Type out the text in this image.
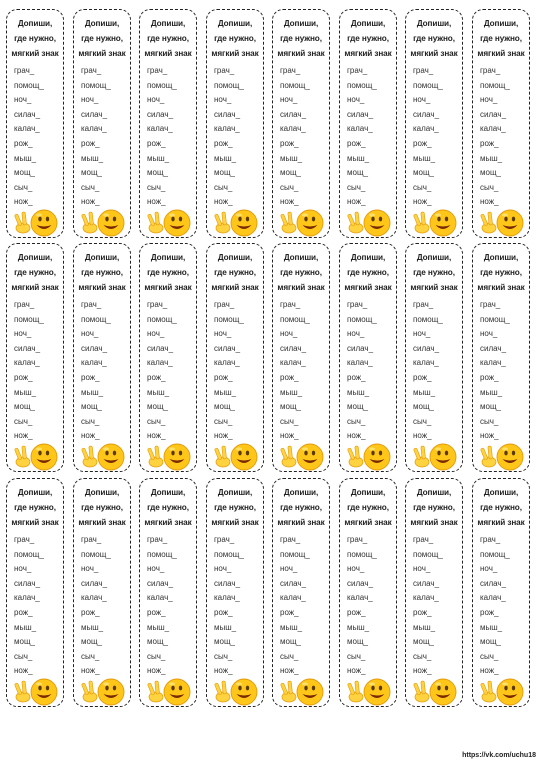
Допиши,
где нужно,
мягкий знак
грач_
помощ_
ноч_
силач_
калач_
рож_
мыш_
мощ_
сыч_
нож_
Допиши,
где нужно,
мягкий знак
грач_
помощ_
ноч_
силач_
калач_
рож_
мыш_
мощ_
сыч_
нож_
Допиши,
где нужно,
мягкий знак
грач_
помощ_
ноч_
силач_
калач_
рож_
мыш_
мощ_
сыч_
нож_
Допиши,
где нужно,
мягкий знак
грач_
помощ_
ноч_
силач_
калач_
рож_
мыш_
мощ_
сыч_
нож_
Допиши,
где нужно,
мягкий знак
грач_
помощ_
ноч_
силач_
калач_
рож_
мыш_
мощ_
сыч_
нож_
Допиши,
где нужно,
мягкий знак
грач_
помощ_
ноч_
силач_
калач_
рож_
мыш_
мощ_
сыч_
нож_
Допиши,
где нужно,
мягкий знак
грач_
помощ_
ноч_
силач_
калач_
рож_
мыш_
мощ_
сыч_
нож_
Допиши,
где нужно,
мягкий знак
грач_
помощ_
ноч_
силач_
калач_
рож_
мыш_
мощ_
сыч_
нож_
Допиши,
где нужно,
мягкий знак
грач_
помощ_
ноч_
силач_
калач_
рож_
мыш_
мощ_
сыч_
нож_
Допиши,
где нужно,
мягкий знак
грач_
помощ_
ноч_
силач_
калач_
рож_
мыш_
мощ_
сыч_
нож_
Допиши,
где нужно,
мягкий знак
грач_
помощ_
ноч_
силач_
калач_
рож_
мыш_
мощ_
сыч_
нож_
Допиши,
где нужно,
мягкий знак
грач_
помощ_
ноч_
силач_
калач_
рож_
мыш_
мощ_
сыч_
нож_
Допиши,
где нужно,
мягкий знак
грач_
помощ_
ноч_
силач_
калач_
рож_
мыш_
мощ_
сыч_
нож_
Допиши,
где нужно,
мягкий знак
грач_
помощ_
ноч_
силач_
калач_
рож_
мыш_
мощ_
сыч_
нож_
Допиши,
где нужно,
мягкий знак
грач_
помощ_
ноч_
силач_
калач_
рож_
мыш_
мощ_
сыч_
нож_
Допиши,
где нужно,
мягкий знак
грач_
помощ_
ноч_
силач_
калач_
рож_
мыш_
мощ_
сыч_
нож_
Допиши,
где нужно,
мягкий знак
грач_
помощ_
ноч_
силач_
калач_
рож_
мыш_
мощ_
сыч_
нож_
Допиши,
где нужно,
мягкий знак
грач_
помощ_
ноч_
силач_
калач_
рож_
мыш_
мощ_
сыч_
нож_
Допиши,
где нужно,
мягкий знак
грач_
помощ_
ноч_
силач_
калач_
рож_
мыш_
мощ_
сыч_
нож_
Допиши,
где нужно,
мягкий знак
грач_
помощ_
ноч_
силач_
калач_
рож_
мыш_
мощ_
сыч_
нож_
Допиши,
где нужно,
мягкий знак
грач_
помощ_
ноч_
силач_
калач_
рож_
мыш_
мощ_
сыч_
нож_
Допиши,
где нужно,
мягкий знак
грач_
помощ_
ноч_
силач_
калач_
рож_
мыш_
мощ_
сыч_
нож_
Допиши,
где нужно,
мягкий знак
грач_
помощ_
ноч_
силач_
калач_
рож_
мыш_
мощ_
сыч_
нож_
Допиши,
где нужно,
мягкий знак
грач_
помощ_
ноч_
силач_
калач_
рож_
мыш_
мощ_
сыч_
нож_
https://vk.com/uchu18
